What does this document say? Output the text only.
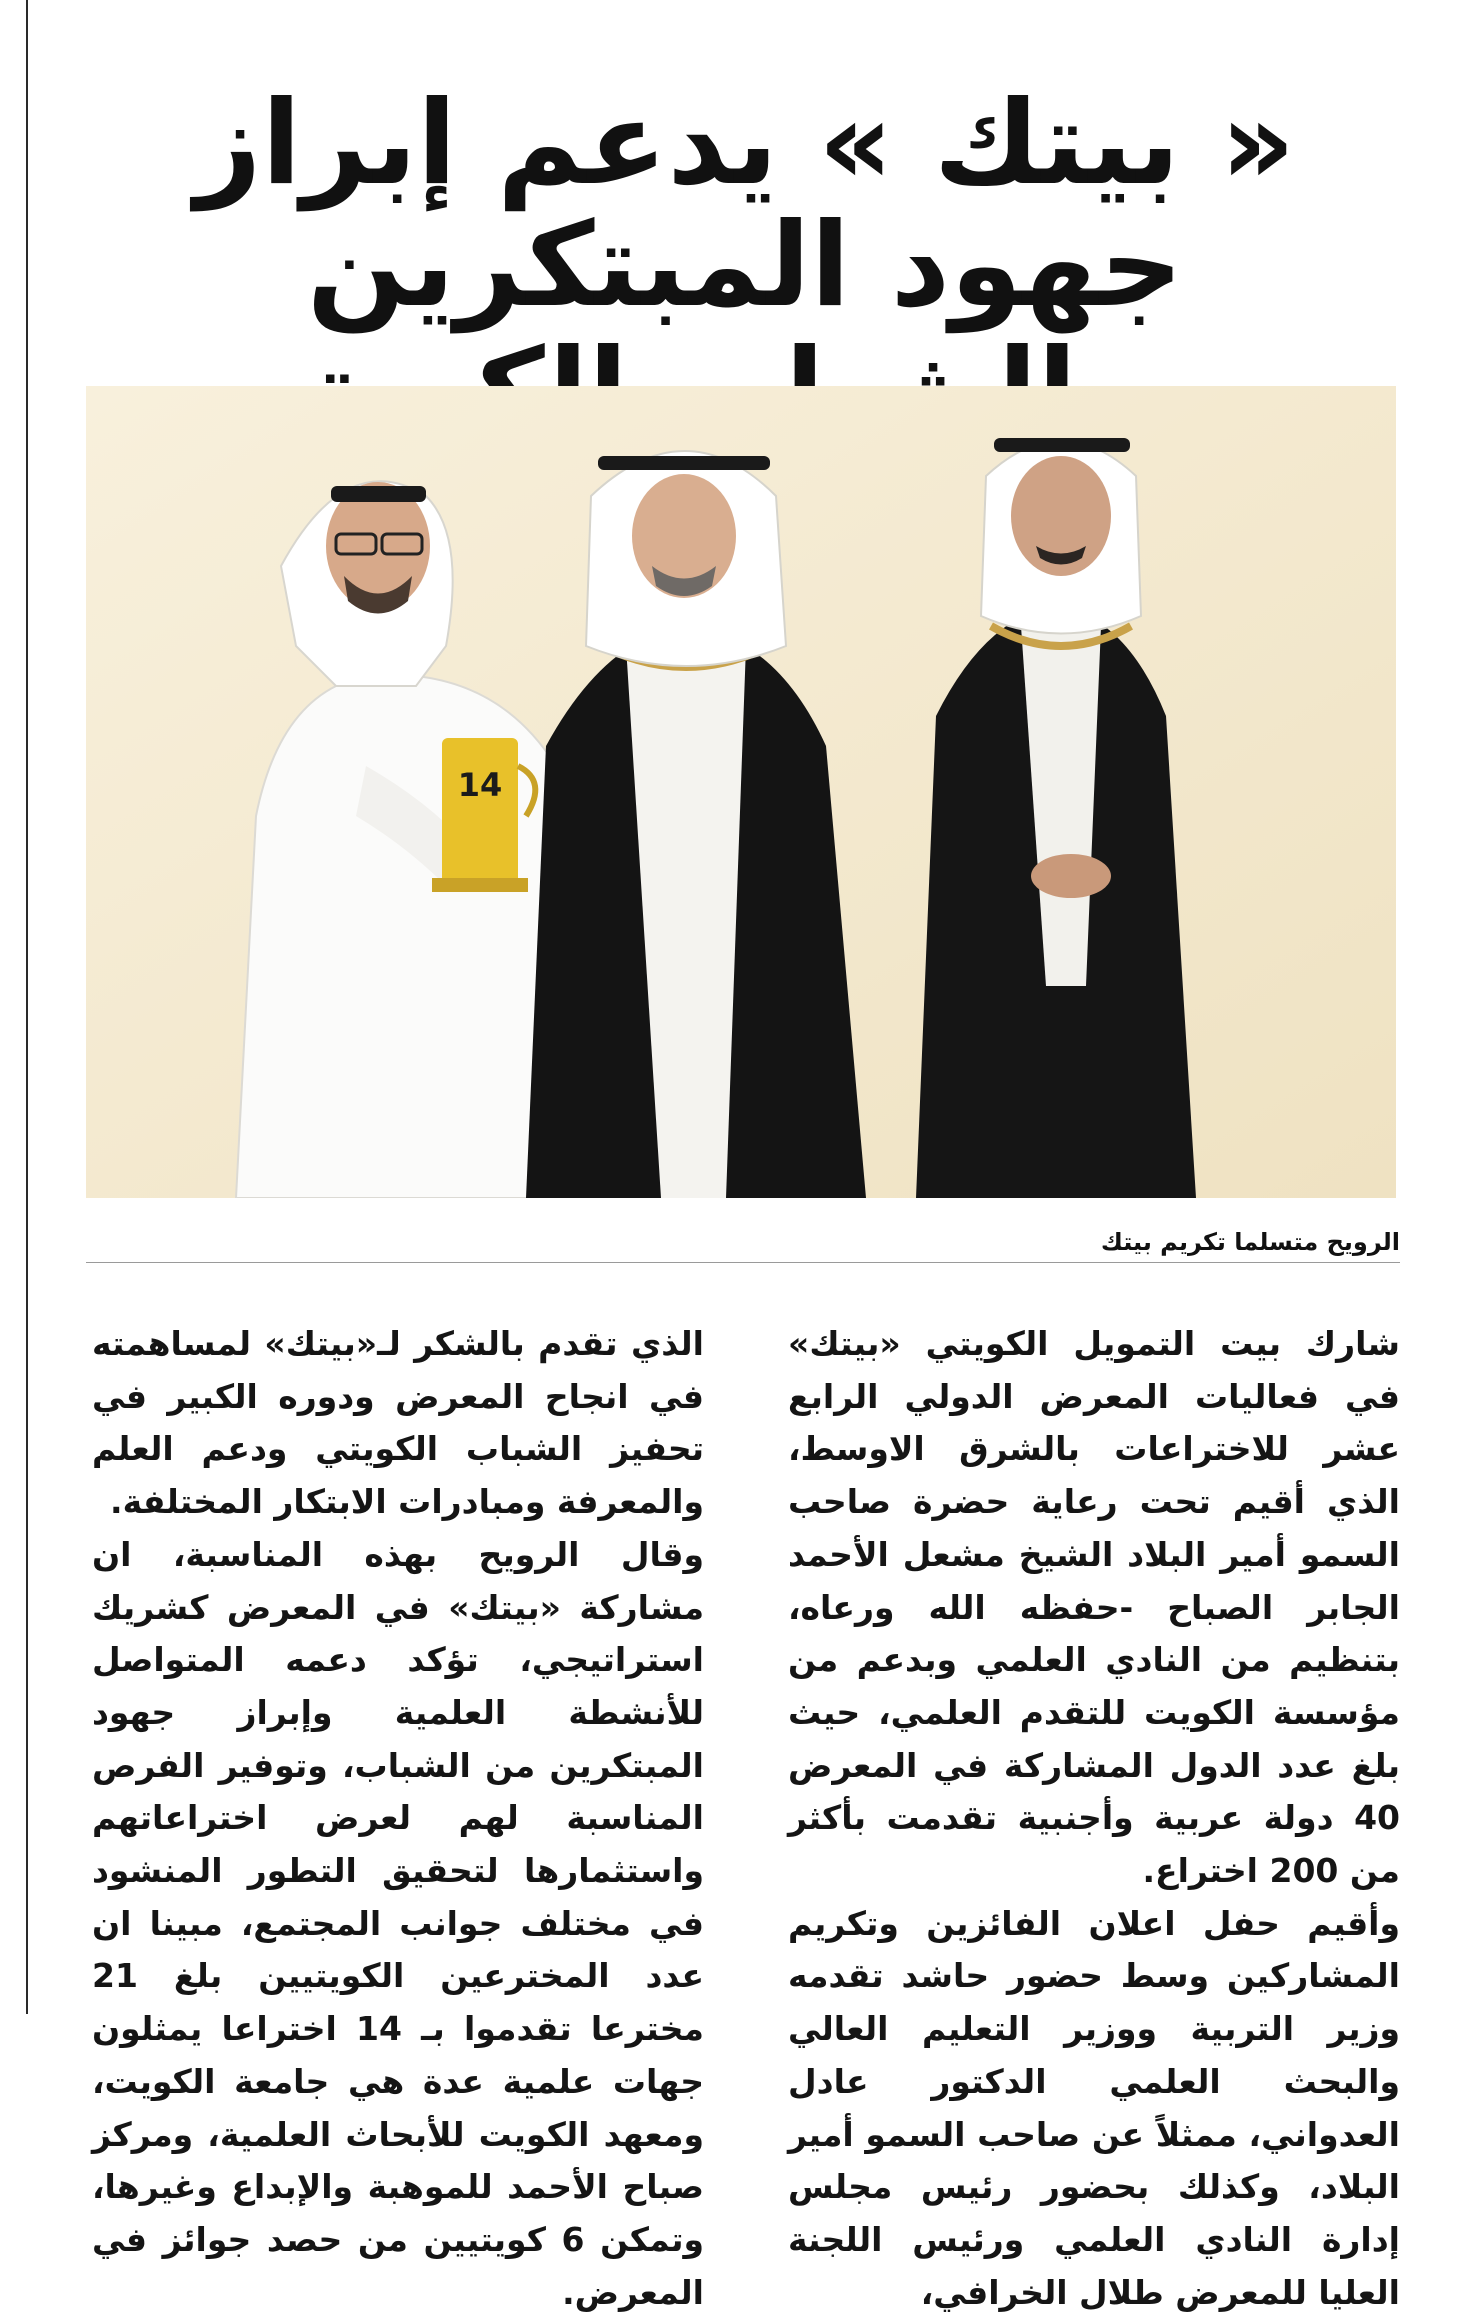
« بيتك » يدعم إبراز جهود المبتكرين
14
الرويح متسلما تكريم بيتك

شارك بيت التمويل الكويتي «بيتك» في فعاليات المعرض الدولي الرابع عشر للاختراعات بالشرق الاوسط، الذي أقيم تحت رعاية حضرة صاحب السمو أمير البلاد الشيخ مشعل الأحمد الجابر الصباح -حفظه الله ورعاه، بتنظيم من النادي العلمي وبدعم من مؤسسة الكويت للتقدم العلمي، حيث بلغ عدد الدول المشاركة في المعرض 40 دولة عربية وأجنبية تقدمت بأكثر من 200 اختراع.

وأقيم حفل اعلان الفائزين وتكريم المشاركين وسط حضور حاشد تقدمه وزير التربية ووزير التعليم العالي والبحث العلمي الدكتور عادل العدواني، ممثلاً عن صاحب السمو أمير البلاد، وكذلك بحضور رئيس مجلس إدارة النادي العلمي ورئيس اللجنة العليا للمعرض طلال الخرافي،

الذي تقدم بالشكر لـ«بيتك» لمساهمته في انجاح المعرض ودوره الكبير في تحفيز الشباب الكويتي ودعم العلم والمعرفة ومبادرات الابتكار المختلفة.

وقال الرويح بهذه المناسبة، ان مشاركة «بيتك» في المعرض كشريك استراتيجي، تؤكد دعمه المتواصل للأنشطة العلمية وإبراز جهود المبتكرين من الشباب، وتوفير الفرص المناسبة لهم لعرض اختراعاتهم واستثمارها لتحقيق التطور المنشود في مختلف جوانب المجتمع، مبينا ان عدد المخترعين الكويتيين بلغ 21 مخترعا تقدموا بـ 14 اختراعا يمثلون جهات علمية عدة هي جامعة الكويت، ومعهد الكويت للأبحاث العلمية، ومركز صباح الأحمد للموهبة والإبداع وغيرها، وتمكن 6 كويتيين من حصد جوائز في المعرض.
